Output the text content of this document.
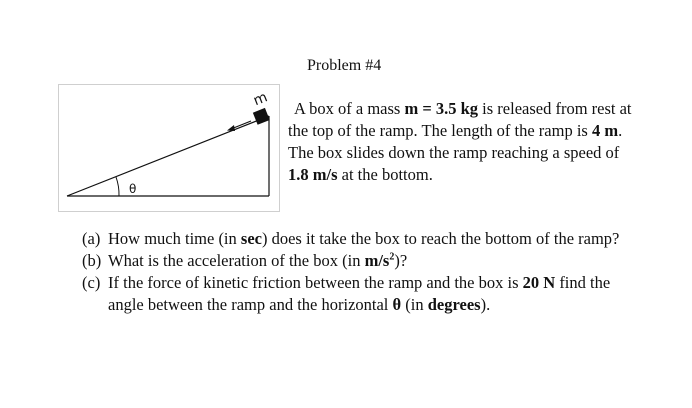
Problem #4
θ
m	A box of a mass m = 3.5 kg is released from rest at the top of the ramp. The length of the ramp is 4 m. The box slides down the ramp reaching a speed of 1.8 m/s at the bottom.
(a) How much time (in sec) does it take the box to reach the bottom of the ramp?
(b) What is the acceleration of the box (in $m/s^2$)?
(c) If the force of kinetic friction between the ramp and the box is 20 N find the angle between the ramp and the horizontal θ (in degrees).
